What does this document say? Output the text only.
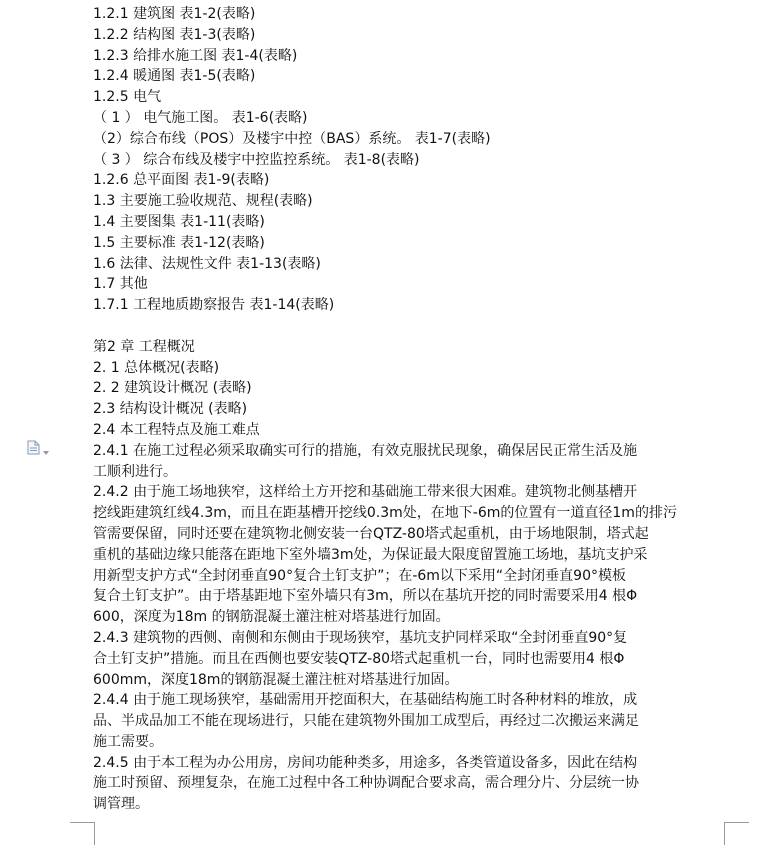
1.2.1 建筑图 表1-2(表略)
1.2.2 结构图 表1-3(表略)
1.2.3 给排水施工图 表1-4(表略)
1.2.4 暖通图 表1-5(表略)
1.2.5 电气
（ 1 ） 电气施工图。 表1-6(表略)
（2）综合布线（POS）及楼宇中控（BAS）系统。 表1-7(表略)
（ 3 ） 综合布线及楼宇中控监控系统。 表1-8(表略)
1.2.6 总平面图 表1-9(表略)
1.3 主要施工验收规范、规程(表略)
1.4 主要图集 表1-11(表略)
1.5 主要标准 表1-12(表略)
1.6 法律、法规性文件 表1-13(表略)
1.7 其他
1.7.1 工程地质勘察报告 表1-14(表略)
第2 章 工程概况
2. 1 总体概况(表略)
2. 2 建筑设计概况 (表略)
2.3 结构设计概况 (表略)
2.4 本工程特点及施工难点
2.4.1 在施工过程必须采取确实可行的措施，有效克服扰民现象，确保居民正常生活及施
工顺利进行。
2.4.2 由于施工场地狭窄，这样给土方开挖和基础施工带来很大困难。建筑物北侧基槽开
挖线距建筑红线4.3m，而且在距基槽开挖线0.3m处，在地下-6m的位置有一道直径1m的排污
管需要保留，同时还要在建筑物北侧安装一台QTZ-80塔式起重机，由于场地限制，塔式起
重机的基础边缘只能落在距地下室外墙3m处，为保证最大限度留置施工场地，基坑支护采
用新型支护方式“全封闭垂直90°复合土钉支护”；在-6m以下采用“全封闭垂直90°模板
复合土钉支护”。由于塔基距地下室外墙只有3m，所以在基坑开挖的同时需要采用4 根Φ
600，深度为18m 的钢筋混凝土灌注桩对塔基进行加固。
2.4.3 建筑物的西侧、南侧和东侧由于现场狭窄，基坑支护同样采取“全封闭垂直90°复
合土钉支护”措施。而且在西侧也要安装QTZ-80塔式起重机一台，同时也需要用4 根Φ
600mm，深度18m的钢筋混凝土灌注桩对塔基进行加固。
2.4.4 由于施工现场狭窄，基础需用开挖面积大，在基础结构施工时各种材料的堆放，成
品、半成品加工不能在现场进行，只能在建筑物外围加工成型后，再经过二次搬运来满足
施工需要。
2.4.5 由于本工程为办公用房，房间功能种类多，用途多，各类管道设备多，因此在结构
施工时预留、预埋复杂，在施工过程中各工种协调配合要求高，需合理分片、分层统一协
调管理。
